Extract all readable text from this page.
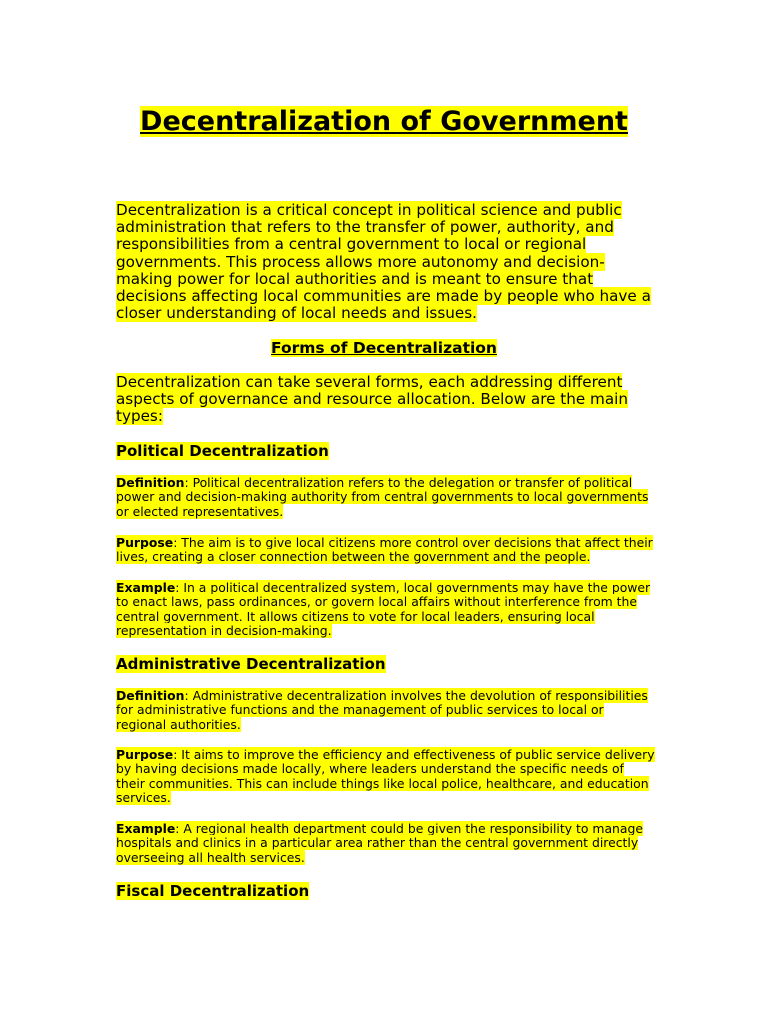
Decentralization of Government

Decentralization is a critical concept in political science and public administration that refers to the transfer of power, authority, and responsibilities from a central government to local or regional governments. This process allows more autonomy and decision-making power for local authorities and is meant to ensure that decisions affecting local communities are made by people who have a closer understanding of local needs and issues.

Forms of Decentralization

Decentralization can take several forms, each addressing different aspects of governance and resource allocation. Below are the main types:

Political Decentralization

Definition: Political decentralization refers to the delegation or transfer of political power and decision-making authority from central governments to local governments or elected representatives.

Purpose: The aim is to give local citizens more control over decisions that affect their lives, creating a closer connection between the government and the people.

Example: In a political decentralized system, local governments may have the power to enact laws, pass ordinances, or govern local affairs without interference from the central government. It allows citizens to vote for local leaders, ensuring local representation in decision-making.

Administrative Decentralization

Definition: Administrative decentralization involves the devolution of responsibilities for administrative functions and the management of public services to local or regional authorities.

Purpose: It aims to improve the efficiency and effectiveness of public service delivery by having decisions made locally, where leaders understand the specific needs of their communities. This can include things like local police, healthcare, and education services.

Example: A regional health department could be given the responsibility to manage hospitals and clinics in a particular area rather than the central government directly overseeing all health services.

Fiscal Decentralization
